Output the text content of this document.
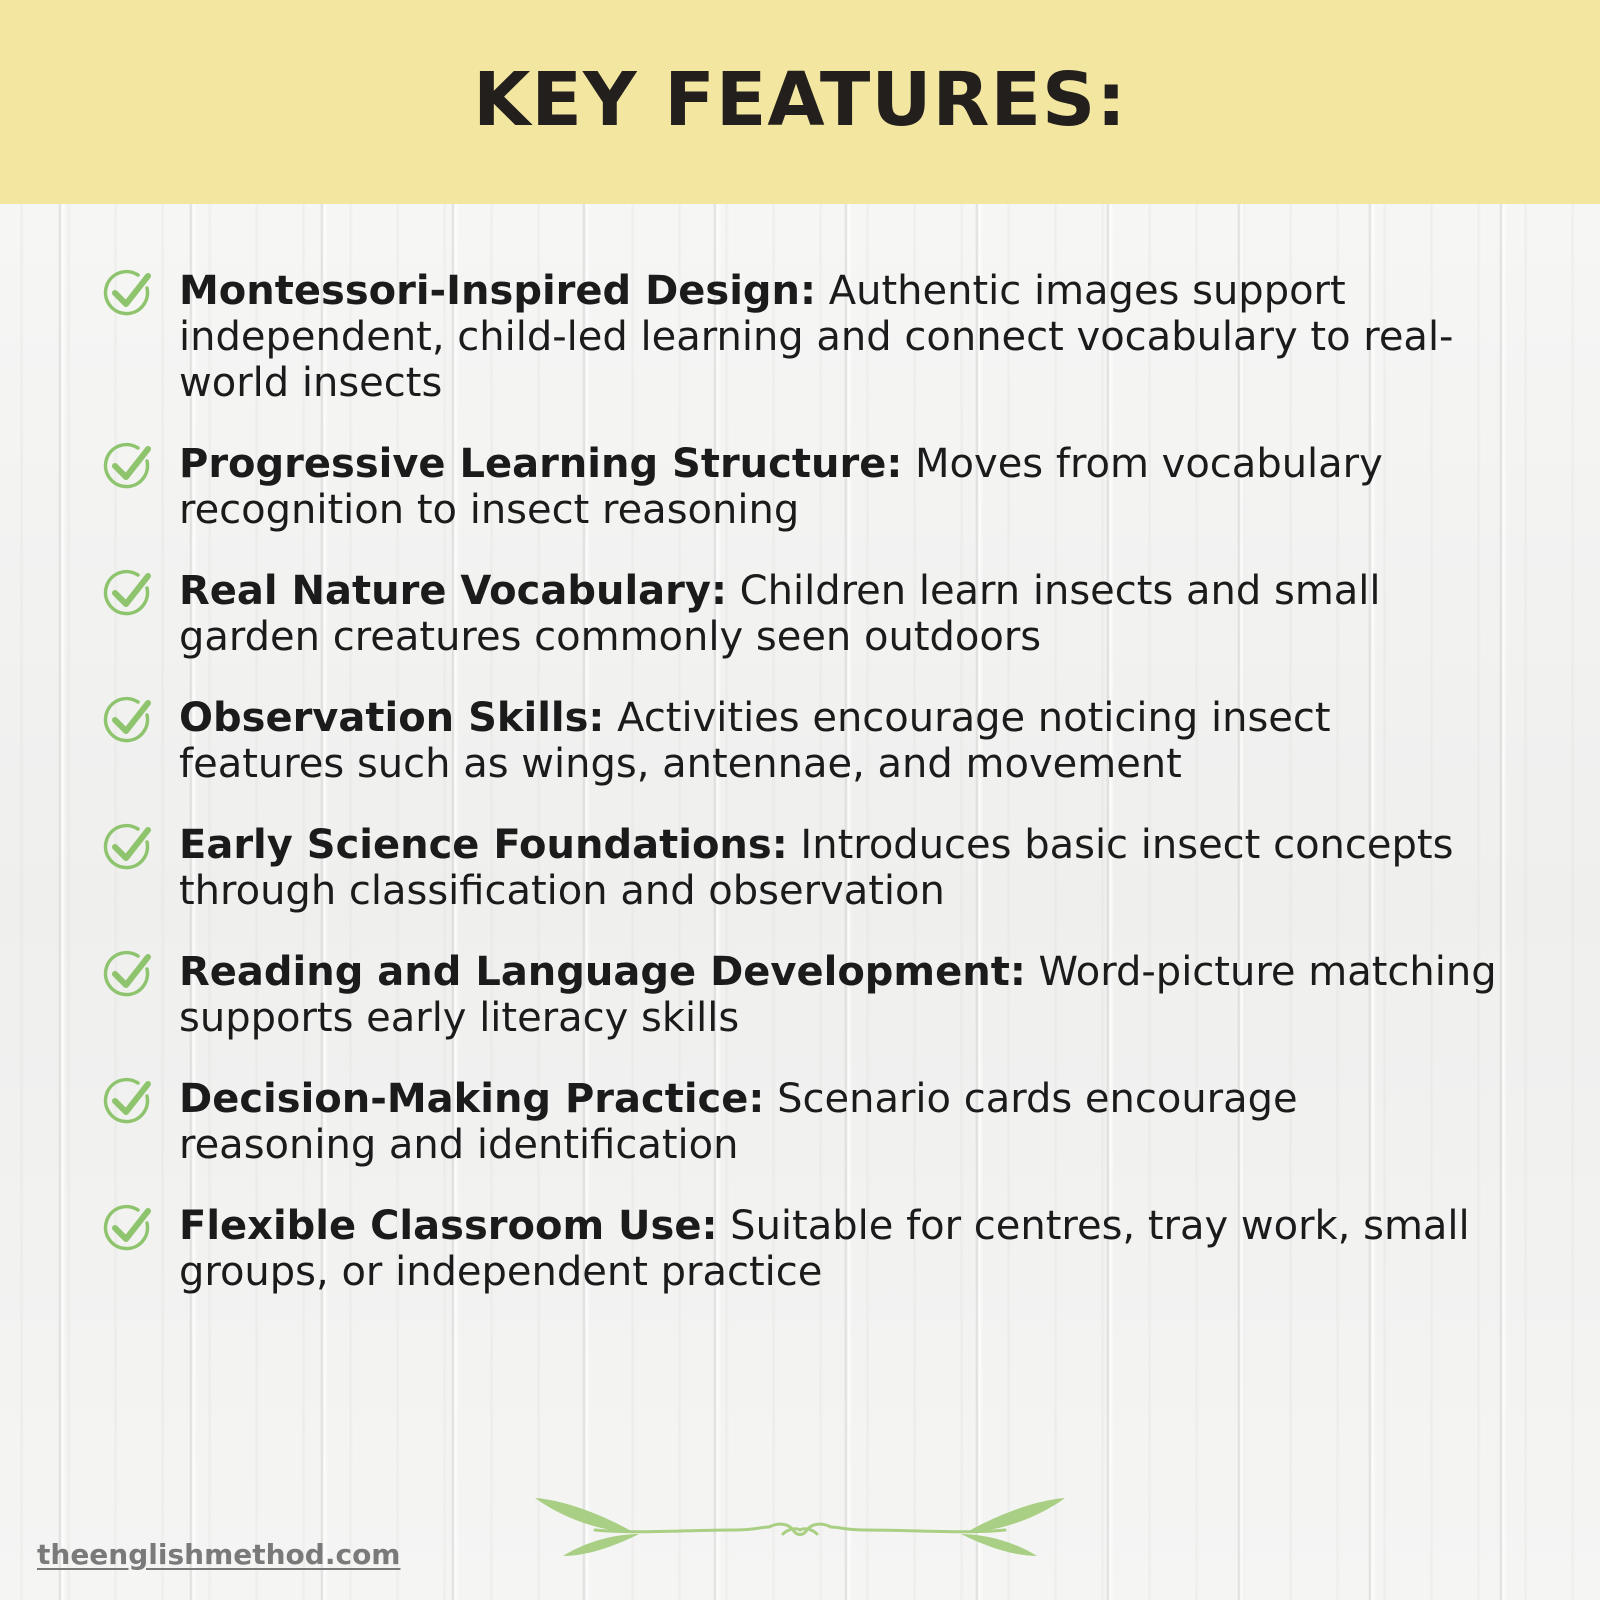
KEY FEATURES:
Montessori-Inspired Design: Authentic images support independent, child-led learning and connect vocabulary to real-world insects
Progressive Learning Structure: Moves from vocabulary recognition to insect reasoning
Real Nature Vocabulary: Children learn insects and small garden creatures commonly seen outdoors
Observation Skills: Activities encourage noticing insect features such as wings, antennae, and movement
Early Science Foundations: Introduces basic insect concepts through classification and observation
Reading and Language Development: Word-picture matching supports early literacy skills
Decision-Making Practice: Scenario cards encourage reasoning and identification
Flexible Classroom Use: Suitable for centres, tray work, small groups, or independent practice
theenglishmethod.com
